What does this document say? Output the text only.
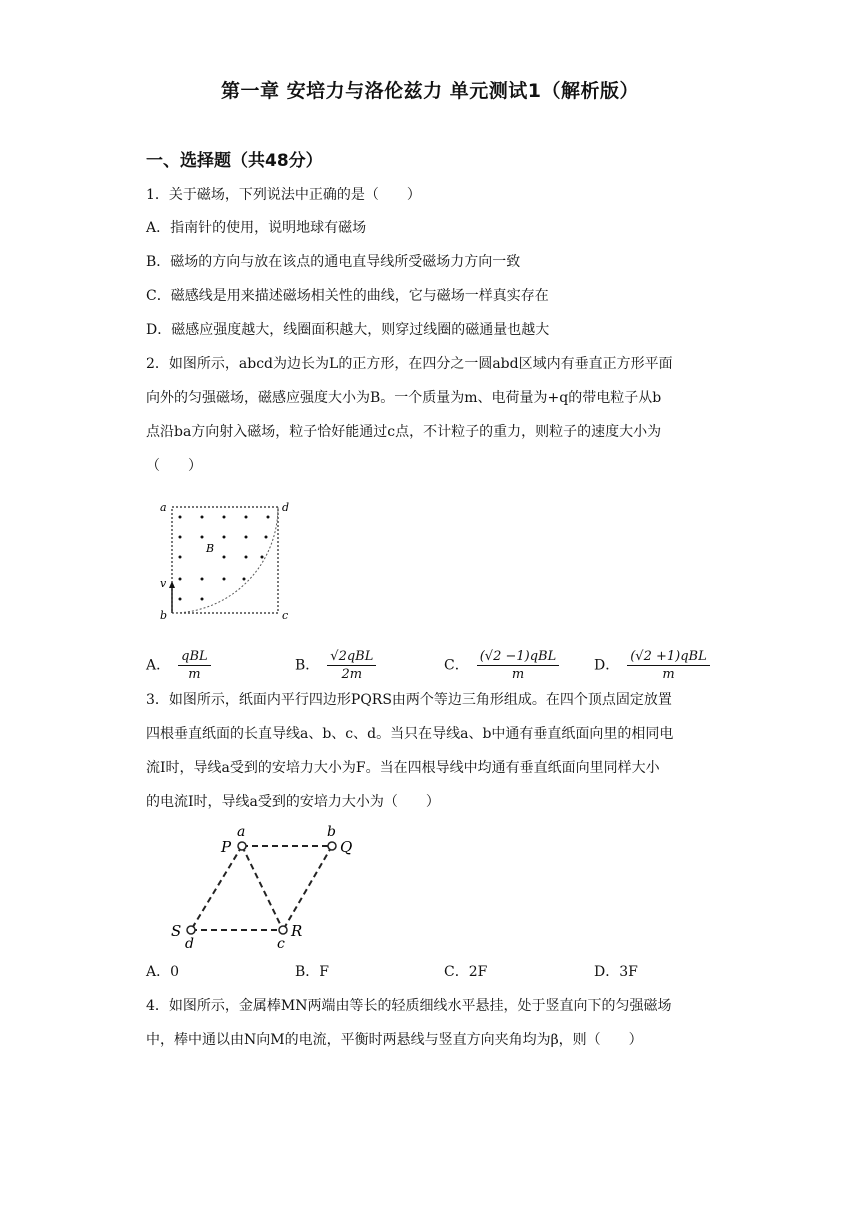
第一章 安培力与洛伦兹力 单元测试1（解析版）
一、选择题（共48分）
1．关于磁场，下列说法中正确的是（　　）
A．指南针的使用，说明地球有磁场
B．磁场的方向与放在该点的通电直导线所受磁场力方向一致
C．磁感线是用来描述磁场相关性的曲线，它与磁场一样真实存在
D．磁感应强度越大，线圈面积越大，则穿过线圈的磁通量也越大
2．如图所示，abcd为边长为L的正方形，在四分之一圆abd区域内有垂直正方形平面
向外的匀强磁场，磁感应强度大小为B。一个质量为m、电荷量为+q的带电粒子从b
点沿ba方向射入磁场，粒子恰好能通过c点，不计粒子的重力，则粒子的速度大小为
（　　）
a	d
b	c
v
B
A． $\frac{\text{qBL}}{m}$	B． $\frac{\text{√2qBL}}{2m}$	C． $\frac{\text{(√2 −1)qBL}}{m}$ D． $\frac{\text{(√2 +1)qBL}}{m}$
3．如图所示，纸面内平行四边形PQRS由两个等边三角形组成。在四个顶点固定放置
四根垂直纸面的长直导线a、b、c、d。当只在导线a、b中通有垂直纸面向里的相同电
流I时，导线a受到的安培力大小为F。当在四根导线中均通有垂直纸面向里同样大小
的电流I时，导线a受到的安培力大小为（　　）
a	b
P	Q
S	R
d	c
A．0	B．F	C．2F	D．3F
4．如图所示，金属棒MN两端由等长的轻质细线水平悬挂，处于竖直向下的匀强磁场
中，棒中通以由N向M的电流，平衡时两悬线与竖直方向夹角均为β，则（　　）
